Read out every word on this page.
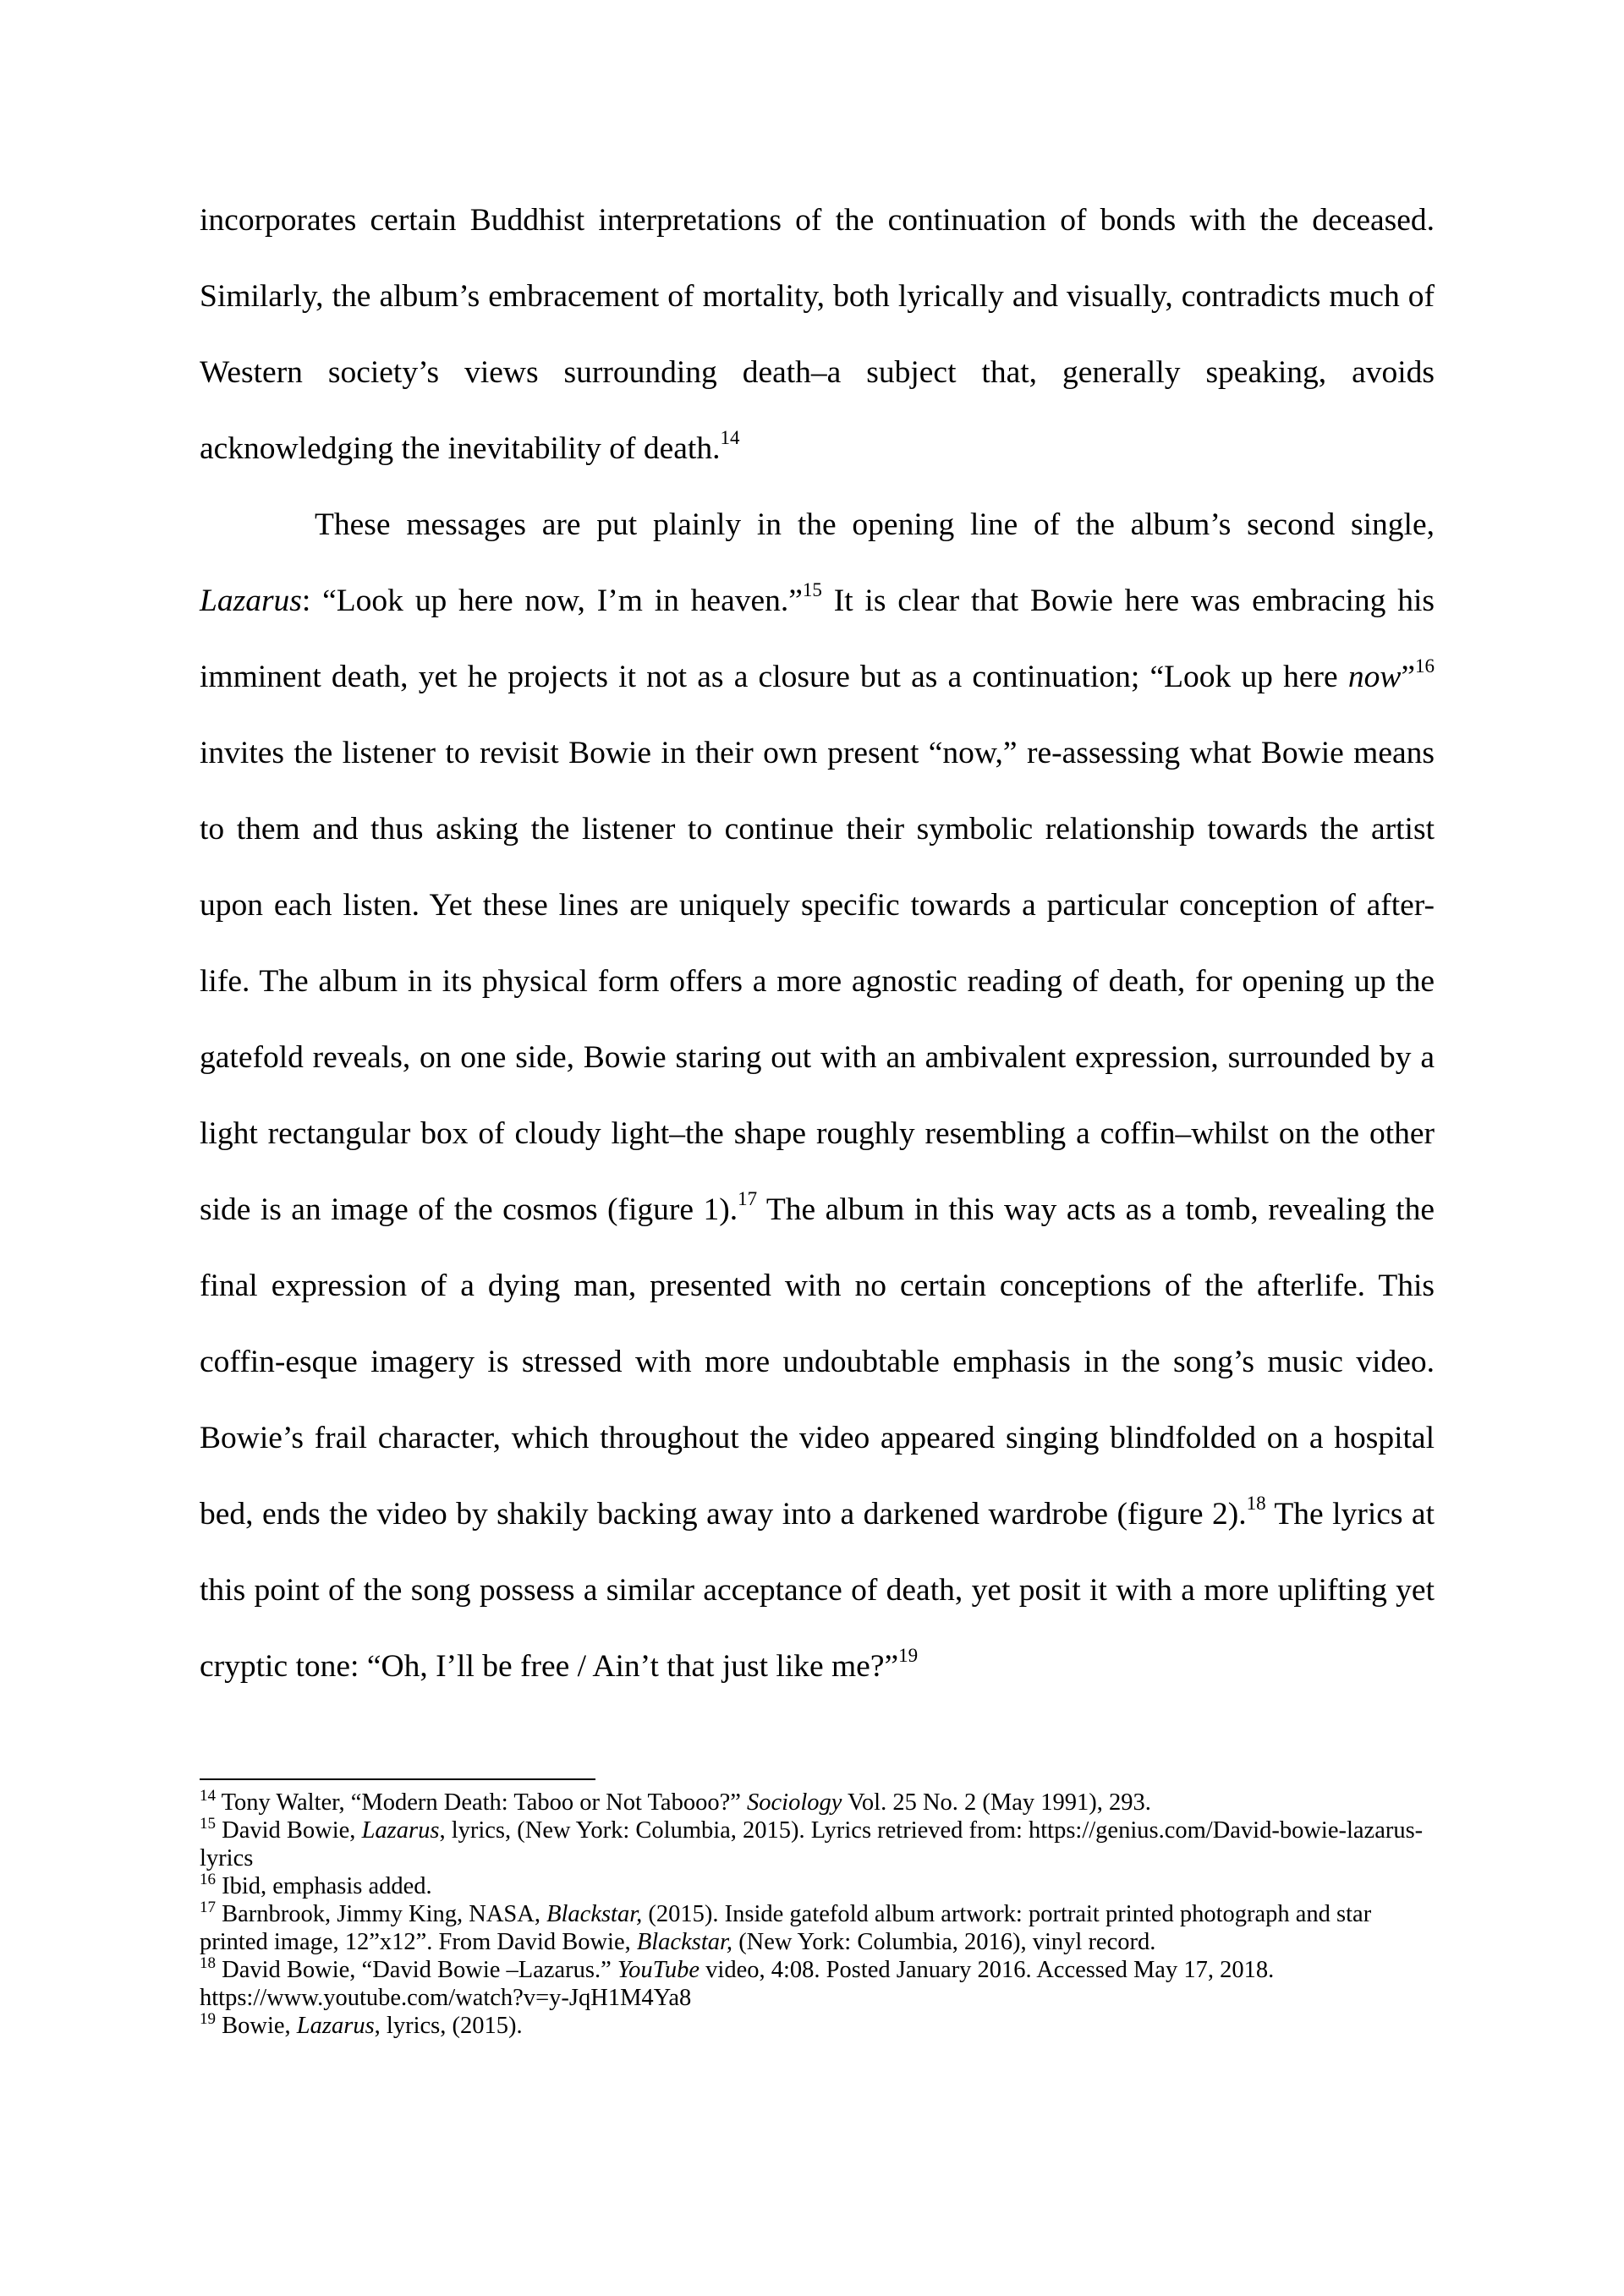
incorporates certain Buddhist interpretations of the continuation of bonds with the deceased. Similarly, the album’s embracement of mortality, both lyrically and visually, contradicts much of Western society’s views surrounding death–a subject that, generally speaking, avoids acknowledging the inevitability of death.$^{14}$

These messages are put plainly in the opening line of the album’s second single, Lazarus: “Look up here now, I’m in heaven.”$^{15}$ It is clear that Bowie here was embracing his imminent death, yet he projects it not as a closure but as a continuation; “Look up here now”$^{16}$ invites the listener to revisit Bowie in their own present “now,” re-assessing what Bowie means to them and thus asking the listener to continue their symbolic relationship towards the artist upon each listen. Yet these lines are uniquely specific towards a particular conception of after-life. The album in its physical form offers a more agnostic reading of death, for opening up the gatefold reveals, on one side, Bowie staring out with an ambivalent expression, surrounded by a light rectangular box of cloudy light–the shape roughly resembling a coffin–whilst on the other side is an image of the cosmos (figure 1).$^{17}$ The album in this way acts as a tomb, revealing the final expression of a dying man, presented with no certain conceptions of the afterlife. This coffin-esque imagery is stressed with more undoubtable emphasis in the song’s music video. Bowie’s frail character, which throughout the video appeared singing blindfolded on a hospital bed, ends the video by shakily backing away into a darkened wardrobe (figure 2).$^{18}$ The lyrics at this point of the song possess a similar acceptance of death, yet posit it with a more uplifting yet cryptic tone: “Oh, I’ll be free / Ain’t that just like me?”$^{19}$

$^{14}$ Tony Walter, “Modern Death: Taboo or Not Tabooo?” Sociology Vol. 25 No. 2 (May 1991), 293.

$^{15}$ David Bowie, Lazarus, lyrics, (New York: Columbia, 2015). Lyrics retrieved from: https://genius.com/David-bowie-lazarus-lyrics

$^{16}$ Ibid, emphasis added.

$^{17}$ Barnbrook, Jimmy King, NASA, Blackstar, (2015). Inside gatefold album artwork: portrait printed photograph and star printed image, 12”x12”. From David Bowie, Blackstar, (New York: Columbia, 2016), vinyl record.

$^{18}$ David Bowie, “David Bowie –Lazarus.” YouTube video, 4:08. Posted January 2016. Accessed May 17, 2018. https://www.youtube.com/watch?v=y-JqH1M4Ya8

$^{19}$ Bowie, Lazarus, lyrics, (2015).
